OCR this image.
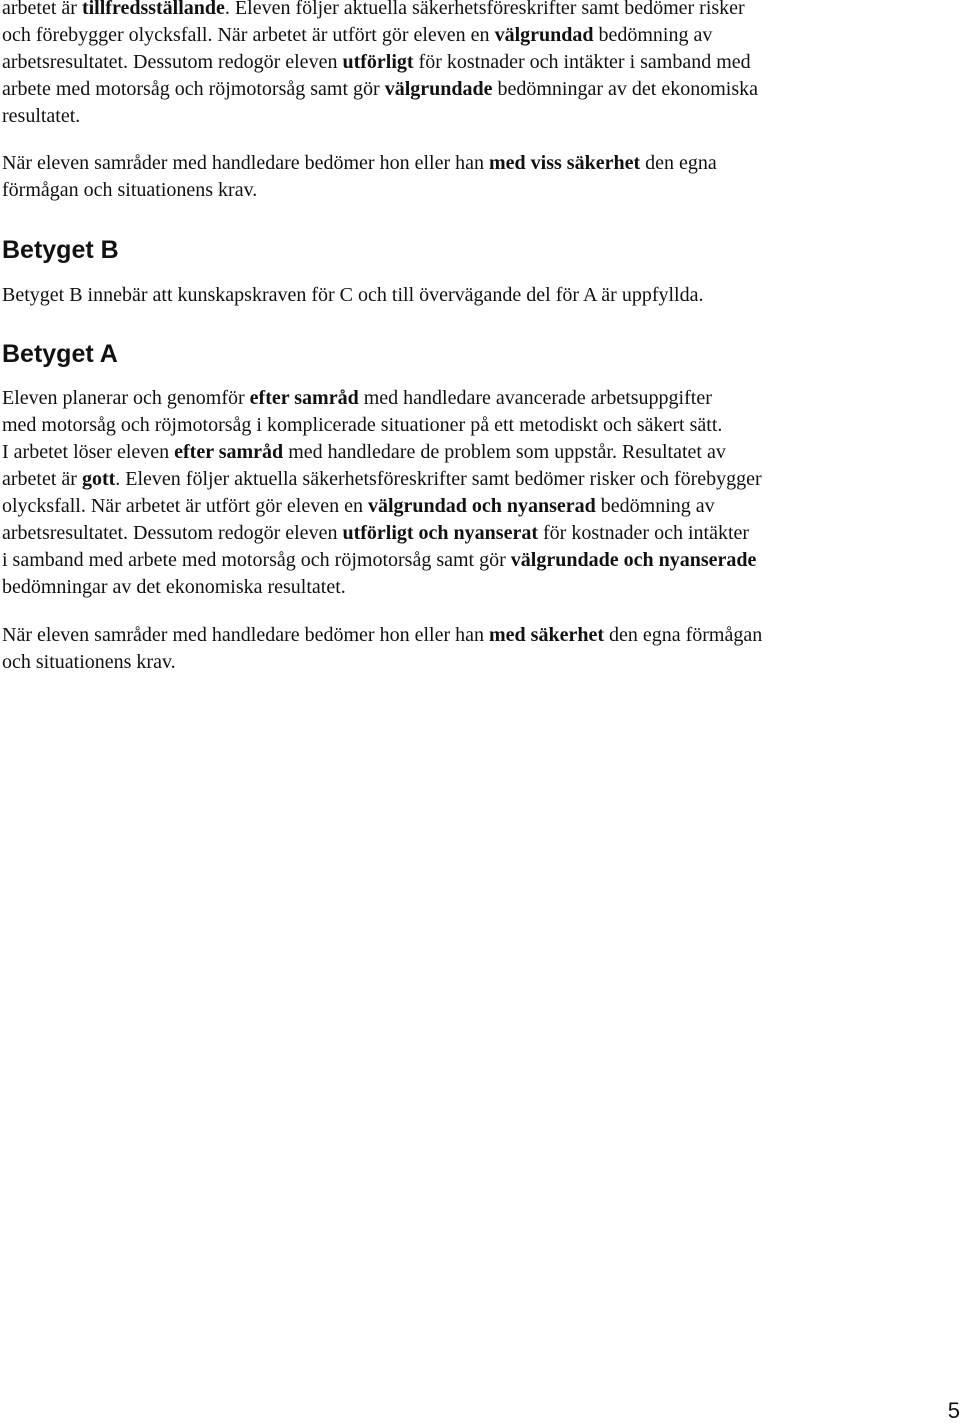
arbetet är tillfredsställande. Eleven följer aktuella säkerhetsföreskrifter samt bedömer risker
och förebygger olycksfall. När arbetet är utfört gör eleven en välgrundad bedömning av
arbetsresultatet. Dessutom redogör eleven utförligt för kostnader och intäkter i samband med
arbete med motorsåg och röjmotorsåg samt gör välgrundade bedömningar av det ekonomiska
resultatet.
När eleven samråder med handledare bedömer hon eller han med viss säkerhet den egna
förmågan och situationens krav.
Betyget B
Betyget B innebär att kunskapskraven för C och till övervägande del för A är uppfyllda.
Betyget A
Eleven planerar och genomför efter samråd med handledare avancerade arbetsuppgifter
med motorsåg och röjmotorsåg i komplicerade situationer på ett metodiskt och säkert sätt.
I arbetet löser eleven efter samråd med handledare de problem som uppstår. Resultatet av
arbetet är gott. Eleven följer aktuella säkerhetsföreskrifter samt bedömer risker och förebygger
olycksfall. När arbetet är utfört gör eleven en välgrundad och nyanserad bedömning av
arbetsresultatet. Dessutom redogör eleven utförligt och nyanserat för kostnader och intäkter
i samband med arbete med motorsåg och röjmotorsåg samt gör välgrundade och nyanserade
bedömningar av det ekonomiska resultatet.
När eleven samråder med handledare bedömer hon eller han med säkerhet den egna förmågan
och situationens krav.
5
